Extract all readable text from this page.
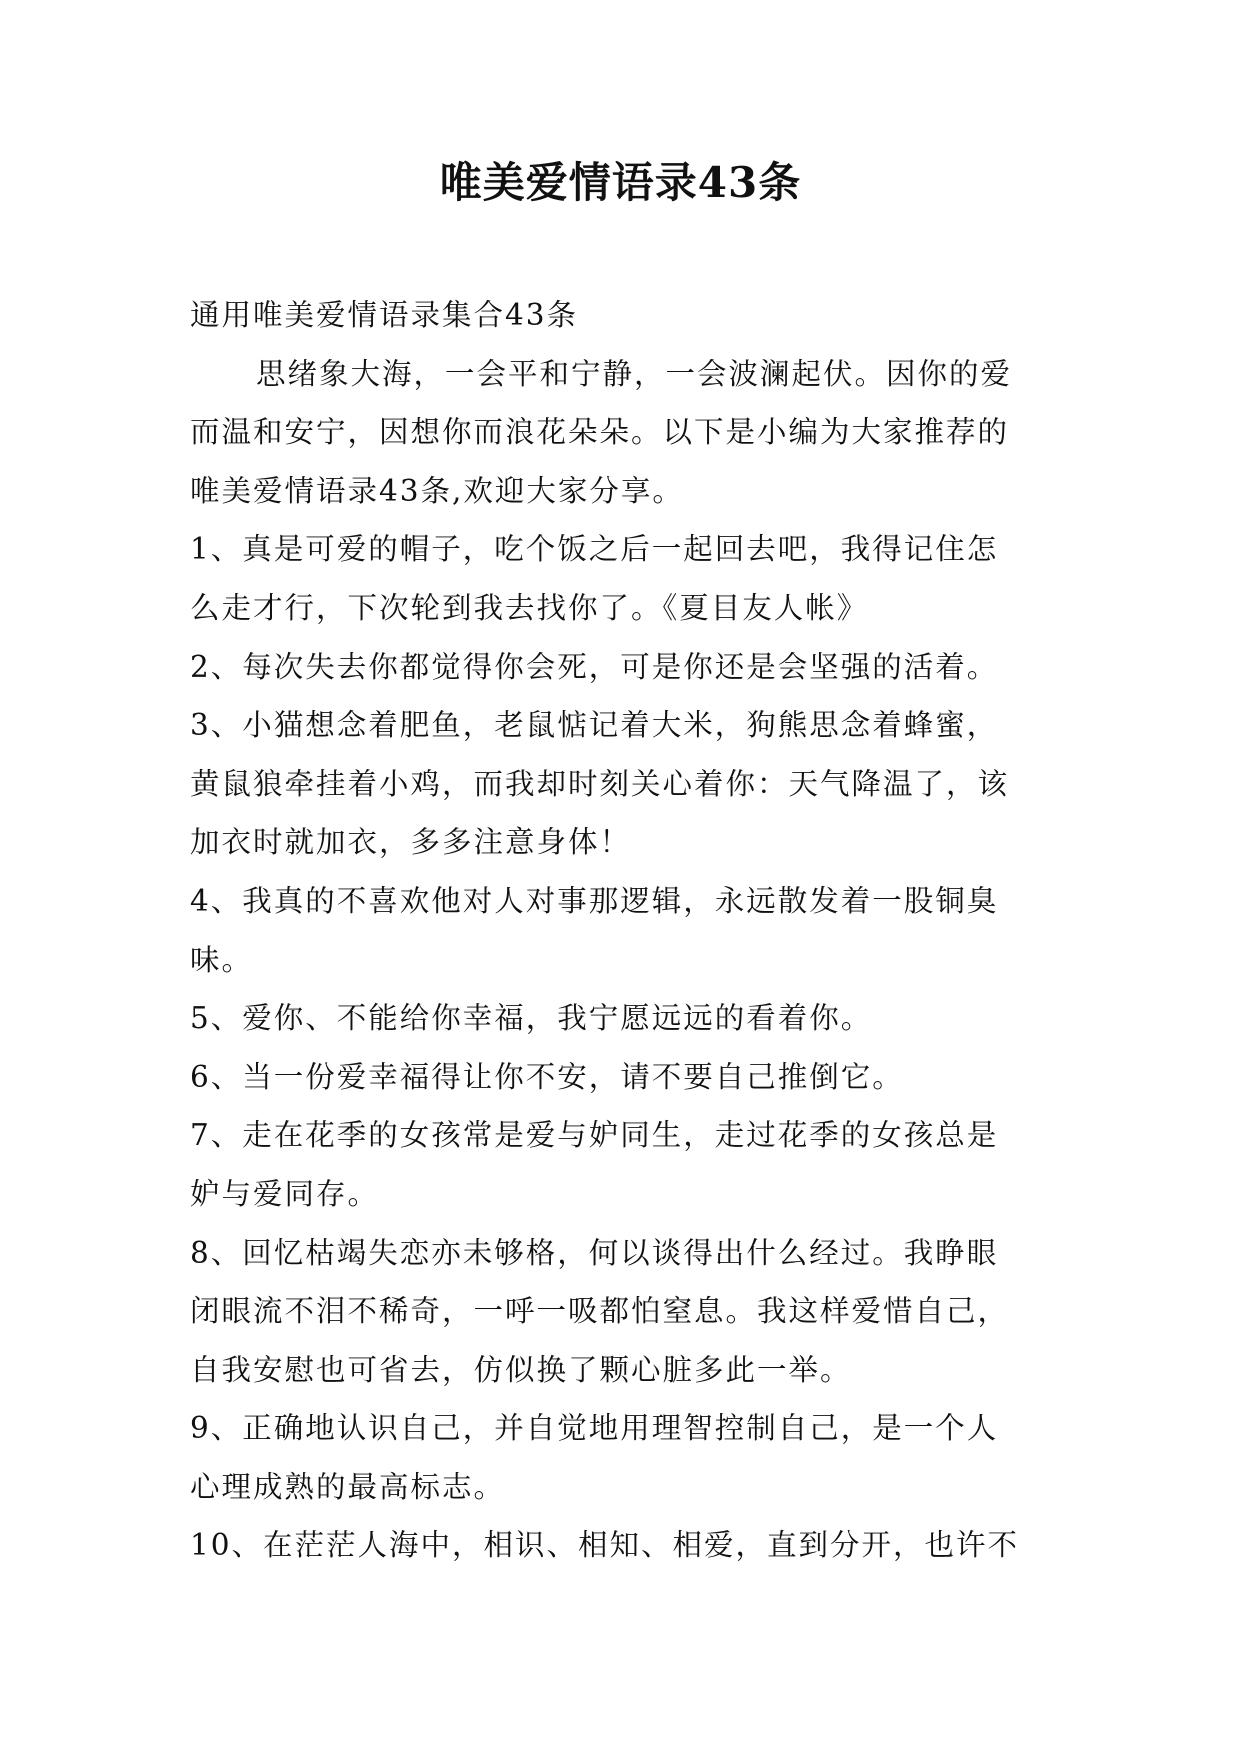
唯美爱情语录43条
通用唯美爱情语录集合43条
思绪象大海，一会平和宁静，一会波澜起伏。因你的爱
而温和安宁，因想你而浪花朵朵。以下是小编为大家推荐的
唯美爱情语录43条,欢迎大家分享。
1、真是可爱的帽子，吃个饭之后一起回去吧，我得记住怎
么走才行，下次轮到我去找你了。《夏目友人帐》
2、每次失去你都觉得你会死，可是你还是会坚强的活着。
3、小猫想念着肥鱼，老鼠惦记着大米，狗熊思念着蜂蜜，
黄鼠狼牵挂着小鸡，而我却时刻关心着你：天气降温了，该
加衣时就加衣，多多注意身体！
4、我真的不喜欢他对人对事那逻辑，永远散发着一股铜臭
味。
5、爱你、不能给你幸福，我宁愿远远的看着你。
6、当一份爱幸福得让你不安，请不要自己推倒它。
7、走在花季的女孩常是爱与妒同生，走过花季的女孩总是
妒与爱同存。
8、回忆枯竭失恋亦未够格，何以谈得出什么经过。我睁眼
闭眼流不泪不稀奇，一呼一吸都怕窒息。我这样爱惜自己，
自我安慰也可省去，仿似换了颗心脏多此一举。
9、正确地认识自己，并自觉地用理智控制自己，是一个人
心理成熟的最高标志。
10、在茫茫人海中，相识、相知、相爱，直到分开，也许不
